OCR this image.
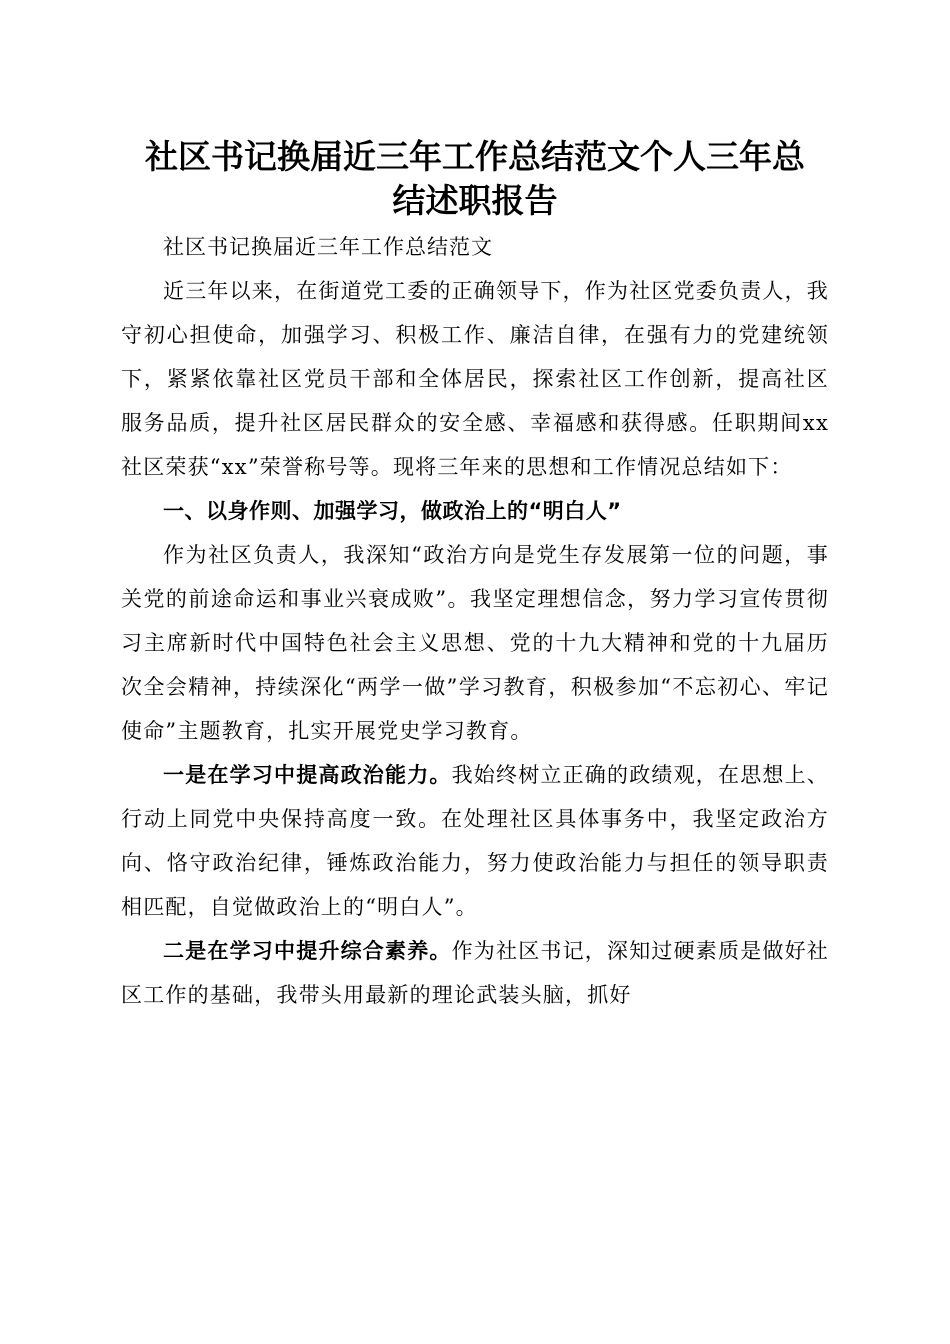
社区书记换届近三年工作总结范文个人三年总
结述职报告
社区书记换届近三年工作总结范文

近三年以来，在街道党工委的正确领导下，作为社区党委负责人，我守初心担使命，加强学习、积极工作、廉洁自律，在强有力的党建统领下，紧紧依靠社区党员干部和全体居民，探索社区工作创新，提高社区服务品质，提升社区居民群众的安全感、幸福感和获得感。任职期间xx社区荣获“xx”荣誉称号等。现将三年来的思想和工作情况总结如下：

一、以身作则、加强学习，做政治上的“明白人”

作为社区负责人，我深知“政治方向是党生存发展第一位的问题，事关党的前途命运和事业兴衰成败”。我坚定理想信念，努力学习宣传贯彻习主席新时代中国特色社会主义思想、党的十九大精神和党的十九届历次全会精神，持续深化“两学一做”学习教育，积极参加“不忘初心、牢记使命”主题教育，扎实开展党史学习教育。

一是在学习中提高政治能力。我始终树立正确的政绩观，在思想上、行动上同党中央保持高度一致。在处理社区具体事务中，我坚定政治方向、恪守政治纪律，锤炼政治能力，努力使政治能力与担任的领导职责相匹配，自觉做政治上的“明白人”。

二是在学习中提升综合素养。作为社区书记，深知过硬素质是做好社区工作的基础，我带头用最新的理论武装头脑，抓好
